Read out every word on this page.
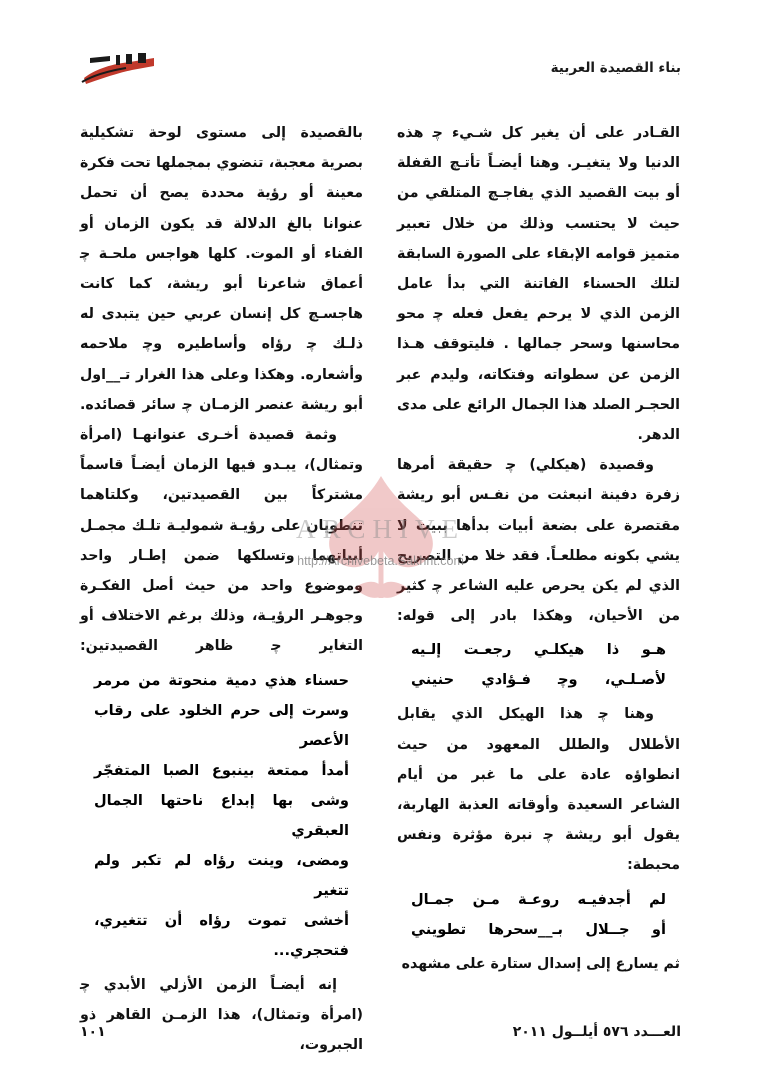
بناء القصيدة العربية
ARCHIVE
http://Archivebeta.Sakhrit.com

بالقصيدة إلى مستوى لوحة تشكيلية بصرية معجبة، تنضوي بمجملها تحت فكرة معينة أو رؤية محددة يصح أن تحمل عنوانا بالغ الدلالة قد يكون الزمان أو الفناء أو الموت. كلها هواجس ملحـة ﭼ أعماق شاعرنا أبو ريشة، كما كانت هاجسـﭻ كل إنسان عربي حين يتبدى له ذلـك ﭼ رؤاه وأساطيره وﭼ ملاحمه وأشعاره. وهكذا وعلى هذا الغرار تـ__اول أبو ريشة عنصر الزمـان ﭼ سائر قصائده.

وثمة قصيدة أخـرى عنوانهـا (امرأة وتمثال)، يبـدو فيها الزمان أيضـاً قاسماً مشتركاً بين القصيدتين، وكلتاهما تنطويان على رؤيـة شموليـة تلـك مجمـل أبياتهما وتسلكها ضمن إطـار واحد وموضوع واحد من حيث أصل الفكـرة وجوهـر الرؤيـة، وذلك برغم الاختلاف أو التغاير ﭼ ظاهر القصيدتين:

حسناء هذي دمية منحوتة من مرمر
وسرت إلى حرم الخلود على رقاب الأعصر
أمدأ ممتعة بينبوع الصبا المتفجّر
وشى بها إبداع ناحتها الجمال العبقري
ومضى، وينت رؤاه لم تكبر ولم تتغير
أخشى تموت رؤاه أن تتغيري، فتحجري...

إنه أيضـاً الزمن الأزلي الأبدي ﭼ (امرأة وتمثال)، هذا الزمـن القاهر ذو الجبروت،

القـادر على أن يغير كل شـيء ﭼ هذه الدنيا ولا يتغيـر. وهنا أيضـاً تأتـﭻ القفلة أو بيت القصيد الذي يفاجـﭻ المتلقي من حيث لا يحتسب وذلك من خلال تعبير متميز قوامه الإبقاء على الصورة السابقة لتلك الحسناء الفاتنة التي بدأ عامل الزمن الذي لا يرحم يفعل فعله ﭼ محو محاسنها وسحر جمالها . فليتوقف هـذا الزمن عن سطواته وفتكاته، وليدم عبر الحجـر الصلد هذا الجمال الرائع على مدى الدهر.

وقصيدة (هيكلي) ﭼ حقيقة أمرها زفرة دفينة انبعثت من نفـس أبو ريشة مقتصرة على بضعة أبيات بدأها ببيت لا يشي بكونه مطلعـاً. فقد خلا من التصريح الذي لم يكن يحرص عليه الشاعر ﭼ كثير من الأحيان، وهكذا بادر إلى قوله:

هـو ذا هيكلـي رجعـت إلـيه
لأصـلـي، وﭼ فـؤادي حنيني

وهنا ﭼ هذا الهيكل الذي يقابل الأطلال والطلل المعهود من حيث انطواؤه عادة على ما غبر من أيام الشاعر السعيدة وأوقاته العذبة الهاربة، يقول أبو ريشة ﭼ نبرة مؤثرة ونفس محبطة:

لم أجدفيـه روعـة مـن جمـال
أو جــلال بـ__سحرها تطويني

ثم يسارع إلى إسدال ستارة على مشهده

١٠١	العـــدد ٥٧٦ أيلــول ٢٠١١
